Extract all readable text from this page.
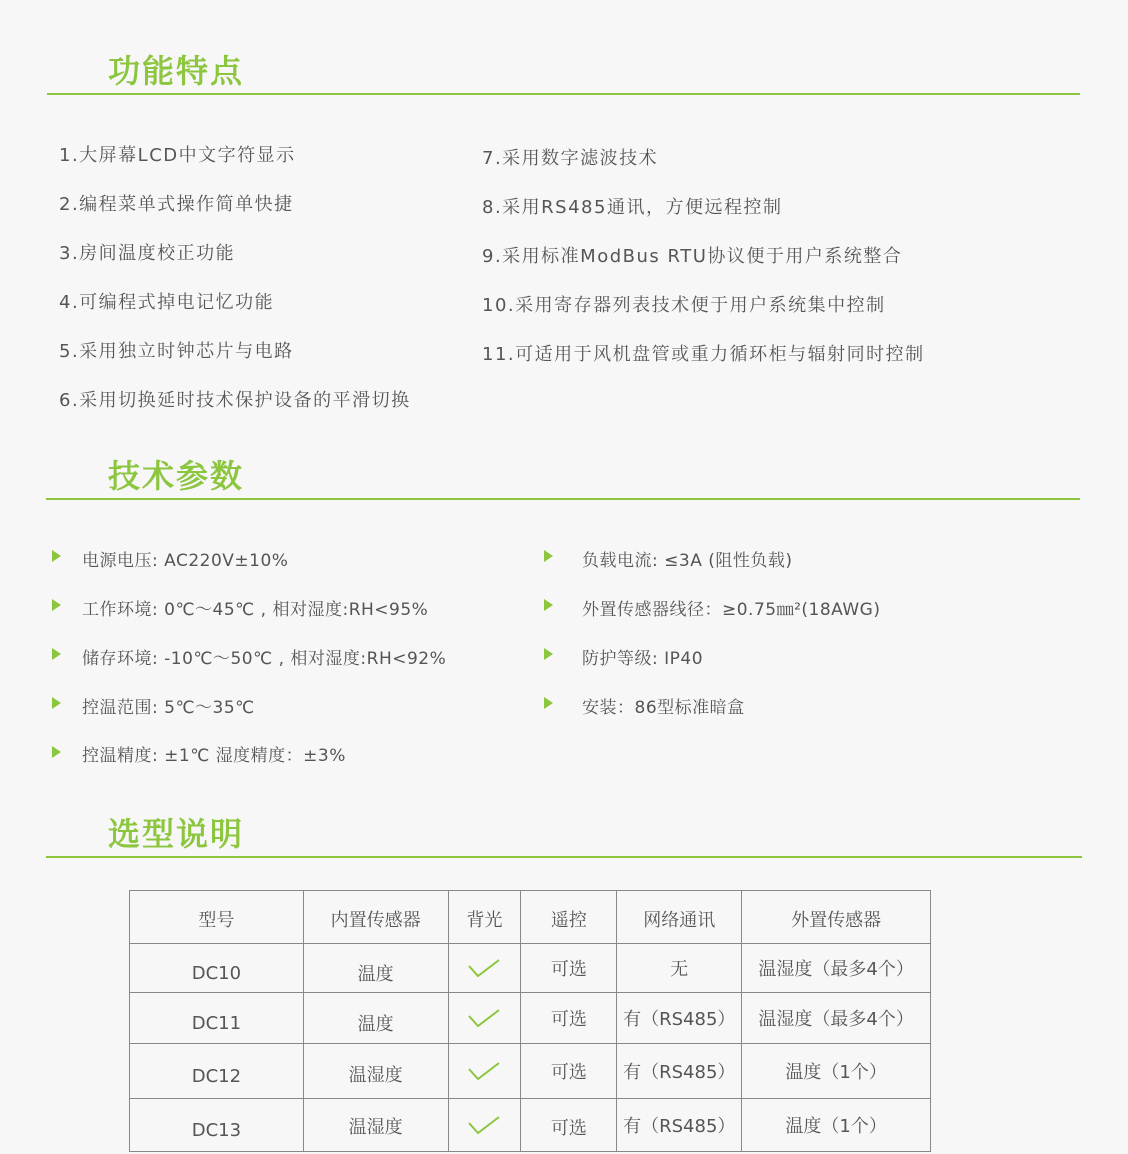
功能特点
1.大屏幕LCD中文字符显示
2.编程菜单式操作简单快捷
3.房间温度校正功能
4.可编程式掉电记忆功能
5.采用独立时钟芯片与电路
6.采用切换延时技术保护设备的平滑切换
7.采用数字滤波技术
8.采用RS485通讯，方便远程控制
9.采用标准ModBus RTU协议便于用户系统整合
10.采用寄存器列表技术便于用户系统集中控制
11.可适用于风机盘管或重力循环柜与辐射同时控制
技术参数
电源电压: AC220V±10%
工作环境: 0℃～45℃ , 相对湿度:RH<95%
储存环境: -10℃～50℃ , 相对湿度:RH<92%
控温范围: 5℃～35℃
控温精度: ±1℃ 湿度精度：±3%
负载电流: ≤3A (阻性负载)
外置传感器线径：≥0.75㎜²(18AWG)
防护等级: IP40
安装：86型标准暗盒
选型说明
型号	内置传感器	背光	遥控	网络通讯	外置传感器
DC10	温度		可选	无	温湿度（最多4个）
DC11	温度		可选	有（RS485）	温湿度（最多4个）
DC12	温湿度		可选	有（RS485）	温度（1个）
DC13	温湿度		可选	有（RS485）	温度（1个）
